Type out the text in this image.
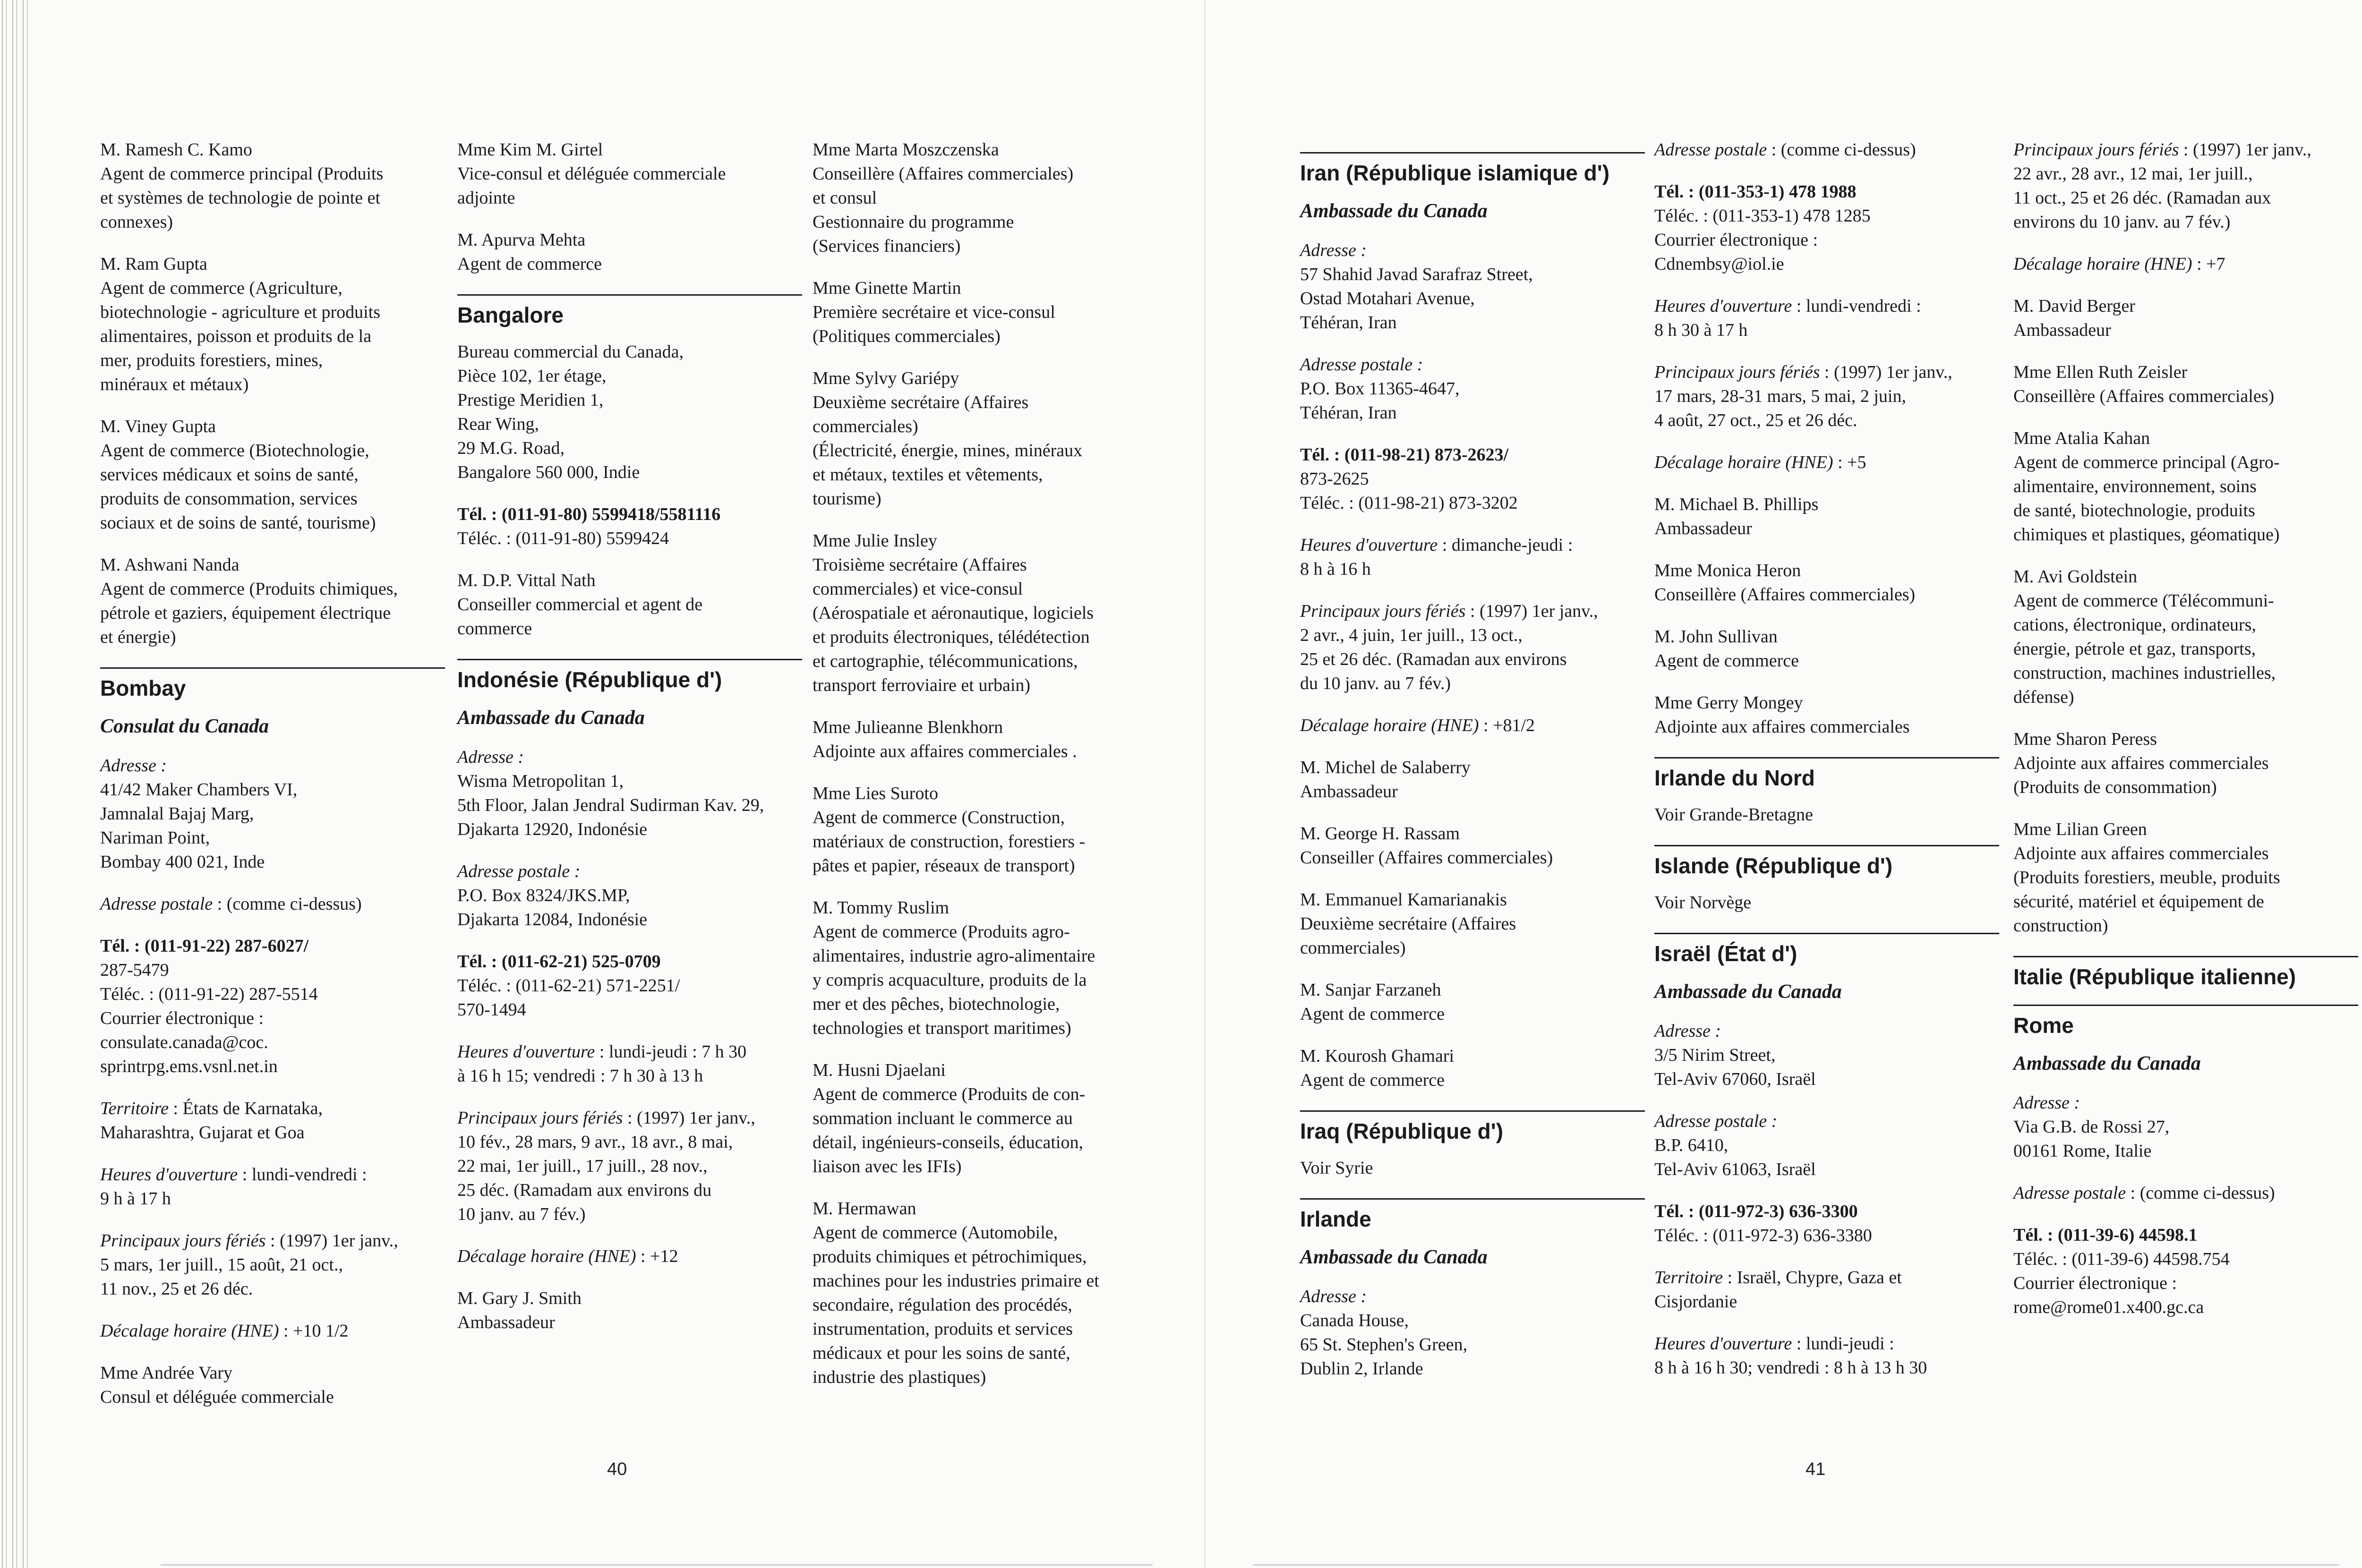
M. Ramesh C. Kamo
Agent de commerce principal (Produits
et systèmes de technologie de pointe et
connexes)
M. Ram Gupta
Agent de commerce (Agriculture,
biotechnologie - agriculture et produits
alimentaires, poisson et produits de la
mer, produits forestiers, mines,
minéraux et métaux)
M. Viney Gupta
Agent de commerce (Biotechnologie,
services médicaux et soins de santé,
produits de consommation, services
sociaux et de soins de santé, tourisme)
M. Ashwani Nanda
Agent de commerce (Produits chimiques,
pétrole et gaziers, équipement électrique
et énergie)
Bombay
Consulat du Canada
Adresse :
41/42 Maker Chambers VI,
Jamnalal Bajaj Marg,
Nariman Point,
Bombay 400 021, Inde
Adresse postale : (comme ci-dessus)
Tél. : (011-91-22) 287-6027/
287-5479
Téléc. : (011-91-22) 287-5514
Courrier électronique :
consulate.canada@coc.
sprintrpg.ems.vsnl.net.in
Territoire : États de Karnataka,
Maharashtra, Gujarat et Goa
Heures d'ouverture : lundi-vendredi :
9 h à 17 h
Principaux jours fériés : (1997) 1er janv.,
5 mars, 1er juill., 15 août, 21 oct.,
11 nov., 25 et 26 déc.
Décalage horaire (HNE) : +10 1/2
Mme Andrée Vary
Consul et déléguée commerciale
Mme Kim M. Girtel
Vice-consul et déléguée commerciale
adjointe
M. Apurva Mehta
Agent de commerce
Bangalore
Bureau commercial du Canada,
Pièce 102, 1er étage,
Prestige Meridien 1,
Rear Wing,
29 M.G. Road,
Bangalore 560 000, Indie
Tél. : (011-91-80) 5599418/5581116
Téléc. : (011-91-80) 5599424
M. D.P. Vittal Nath
Conseiller commercial et agent de
commerce
Indonésie (République d')
Ambassade du Canada
Adresse :
Wisma Metropolitan 1,
5th Floor, Jalan Jendral Sudirman Kav. 29,
Djakarta 12920, Indonésie
Adresse postale :
P.O. Box 8324/JKS.MP,
Djakarta 12084, Indonésie
Tél. : (011-62-21) 525-0709
Téléc. : (011-62-21) 571-2251/
570-1494
Heures d'ouverture : lundi-jeudi : 7 h 30
à 16 h 15; vendredi : 7 h 30 à 13 h
Principaux jours fériés : (1997) 1er janv.,
10 fév., 28 mars, 9 avr., 18 avr., 8 mai,
22 mai, 1er juill., 17 juill., 28 nov.,
25 déc. (Ramadam aux environs du
10 janv. au 7 fév.)
Décalage horaire (HNE) : +12
M. Gary J. Smith
Ambassadeur
Mme Marta Moszczenska
Conseillère (Affaires commerciales)
et consul
Gestionnaire du programme
(Services financiers)
Mme Ginette Martin
Première secrétaire et vice-consul
(Politiques commerciales)
Mme Sylvy Gariépy
Deuxième secrétaire (Affaires
commerciales)
(Électricité, énergie, mines, minéraux
et métaux, textiles et vêtements,
tourisme)
Mme Julie Insley
Troisième secrétaire (Affaires
commerciales) et vice-consul
(Aérospatiale et aéronautique, logiciels
et produits électroniques, télédétection
et cartographie, télécommunications,
transport ferroviaire et urbain)
Mme Julieanne Blenkhorn
Adjointe aux affaires commerciales .
Mme Lies Suroto
Agent de commerce (Construction,
matériaux de construction, forestiers -
pâtes et papier, réseaux de transport)
M. Tommy Ruslim
Agent de commerce (Produits agro-
alimentaires, industrie agro-alimentaire
y compris acquaculture, produits de la
mer et des pêches, biotechnologie,
technologies et transport maritimes)
M. Husni Djaelani
Agent de commerce (Produits de con-
sommation incluant le commerce au
détail, ingénieurs-conseils, éducation,
liaison avec les IFIs)
M. Hermawan
Agent de commerce (Automobile,
produits chimiques et pétrochimiques,
machines pour les industries primaire et
secondaire, régulation des procédés,
instrumentation, produits et services
médicaux et pour les soins de santé,
industrie des plastiques)
40
Iran (République islamique d')
Ambassade du Canada
Adresse :
57 Shahid Javad Sarafraz Street,
Ostad Motahari Avenue,
Téhéran, Iran
Adresse postale :
P.O. Box 11365-4647,
Téhéran, Iran
Tél. : (011-98-21) 873-2623/
873-2625
Téléc. : (011-98-21) 873-3202
Heures d'ouverture : dimanche-jeudi :
8 h à 16 h
Principaux jours fériés : (1997) 1er janv.,
2 avr., 4 juin, 1er juill., 13 oct.,
25 et 26 déc. (Ramadan aux environs
du 10 janv. au 7 fév.)
Décalage horaire (HNE) : +81/2
M. Michel de Salaberry
Ambassadeur
M. George H. Rassam
Conseiller (Affaires commerciales)
M. Emmanuel Kamarianakis
Deuxième secrétaire (Affaires
commerciales)
M. Sanjar Farzaneh
Agent de commerce
M. Kourosh Ghamari
Agent de commerce
Iraq (République d')
Voir Syrie
Irlande
Ambassade du Canada
Adresse :
Canada House,
65 St. Stephen's Green,
Dublin 2, Irlande
Adresse postale : (comme ci-dessus)
Tél. : (011-353-1) 478 1988
Téléc. : (011-353-1) 478 1285
Courrier électronique :
Cdnembsy@iol.ie
Heures d'ouverture : lundi-vendredi :
8 h 30 à 17 h
Principaux jours fériés : (1997) 1er janv.,
17 mars, 28-31 mars, 5 mai, 2 juin,
4 août, 27 oct., 25 et 26 déc.
Décalage horaire (HNE) : +5
M. Michael B. Phillips
Ambassadeur
Mme Monica Heron
Conseillère (Affaires commerciales)
M. John Sullivan
Agent de commerce
Mme Gerry Mongey
Adjointe aux affaires commerciales
Irlande du Nord
Voir Grande-Bretagne
Islande (République d')
Voir Norvège
Israël (État d')
Ambassade du Canada
Adresse :
3/5 Nirim Street,
Tel-Aviv 67060, Israël
Adresse postale :
B.P. 6410,
Tel-Aviv 61063, Israël
Tél. : (011-972-3) 636-3300
Téléc. : (011-972-3) 636-3380
Territoire : Israël, Chypre, Gaza et
Cisjordanie
Heures d'ouverture : lundi-jeudi :
8 h à 16 h 30; vendredi : 8 h à 13 h 30
Principaux jours fériés : (1997) 1er janv.,
22 avr., 28 avr., 12 mai, 1er juill.,
11 oct., 25 et 26 déc. (Ramadan aux
environs du 10 janv. au 7 fév.)
Décalage horaire (HNE) : +7
M. David Berger
Ambassadeur
Mme Ellen Ruth Zeisler
Conseillère (Affaires commerciales)
Mme Atalia Kahan
Agent de commerce principal (Agro-
alimentaire, environnement, soins
de santé, biotechnologie, produits
chimiques et plastiques, géomatique)
M. Avi Goldstein
Agent de commerce (Télécommuni-
cations, électronique, ordinateurs,
énergie, pétrole et gaz, transports,
construction, machines industrielles,
défense)
Mme Sharon Peress
Adjointe aux affaires commerciales
(Produits de consommation)
Mme Lilian Green
Adjointe aux affaires commerciales
(Produits forestiers, meuble, produits
sécurité, matériel et équipement de
construction)
Italie (République italienne)
Rome
Ambassade du Canada
Adresse :
Via G.B. de Rossi 27,
00161 Rome, Italie
Adresse postale : (comme ci-dessus)
Tél. : (011-39-6) 44598.1
Téléc. : (011-39-6) 44598.754
Courrier électronique :
rome@rome01.x400.gc.ca
41
